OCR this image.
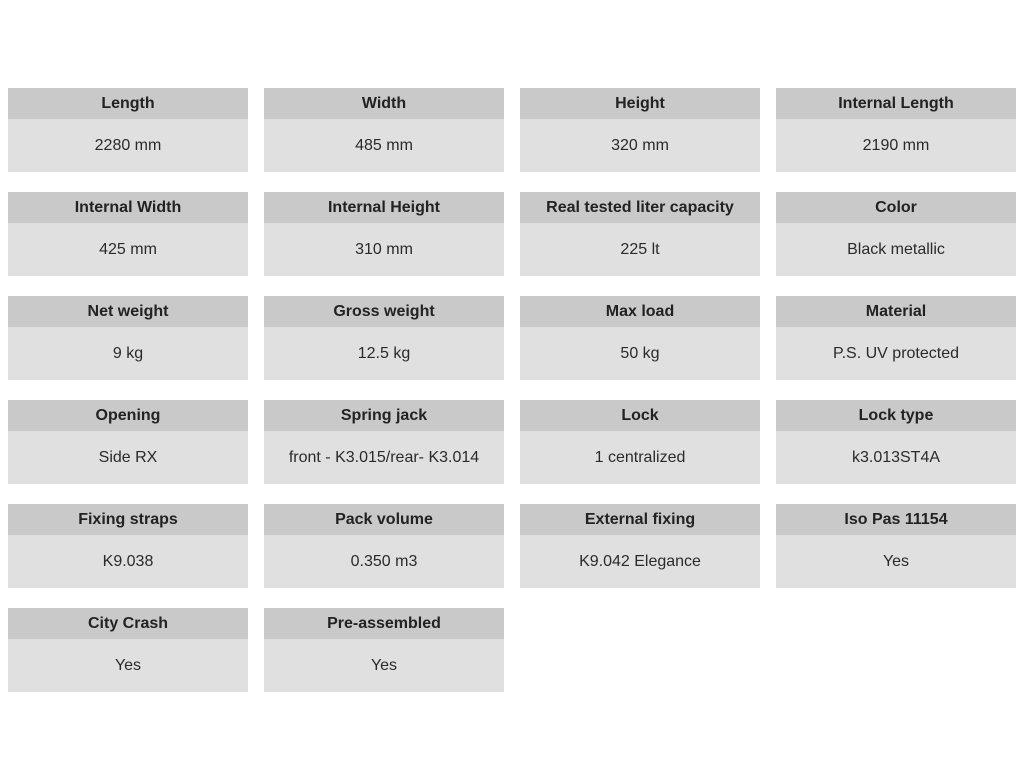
Length
2280 mm
Width
485 mm
Height
320 mm
Internal Length
2190 mm
Internal Width
425 mm
Internal Height
310 mm
Real tested liter capacity
225 lt
Color
Black metallic
Net weight
9 kg
Gross weight
12.5 kg
Max load
50 kg
Material
P.S. UV protected
Opening
Side RX
Spring jack
front - K3.015/rear- K3.014
Lock
1 centralized
Lock type
k3.013ST4A
Fixing straps
K9.038
Pack volume
0.350 m3
External fixing
K9.042 Elegance
Iso Pas 11154
Yes
City Crash
Yes
Pre-assembled
Yes
